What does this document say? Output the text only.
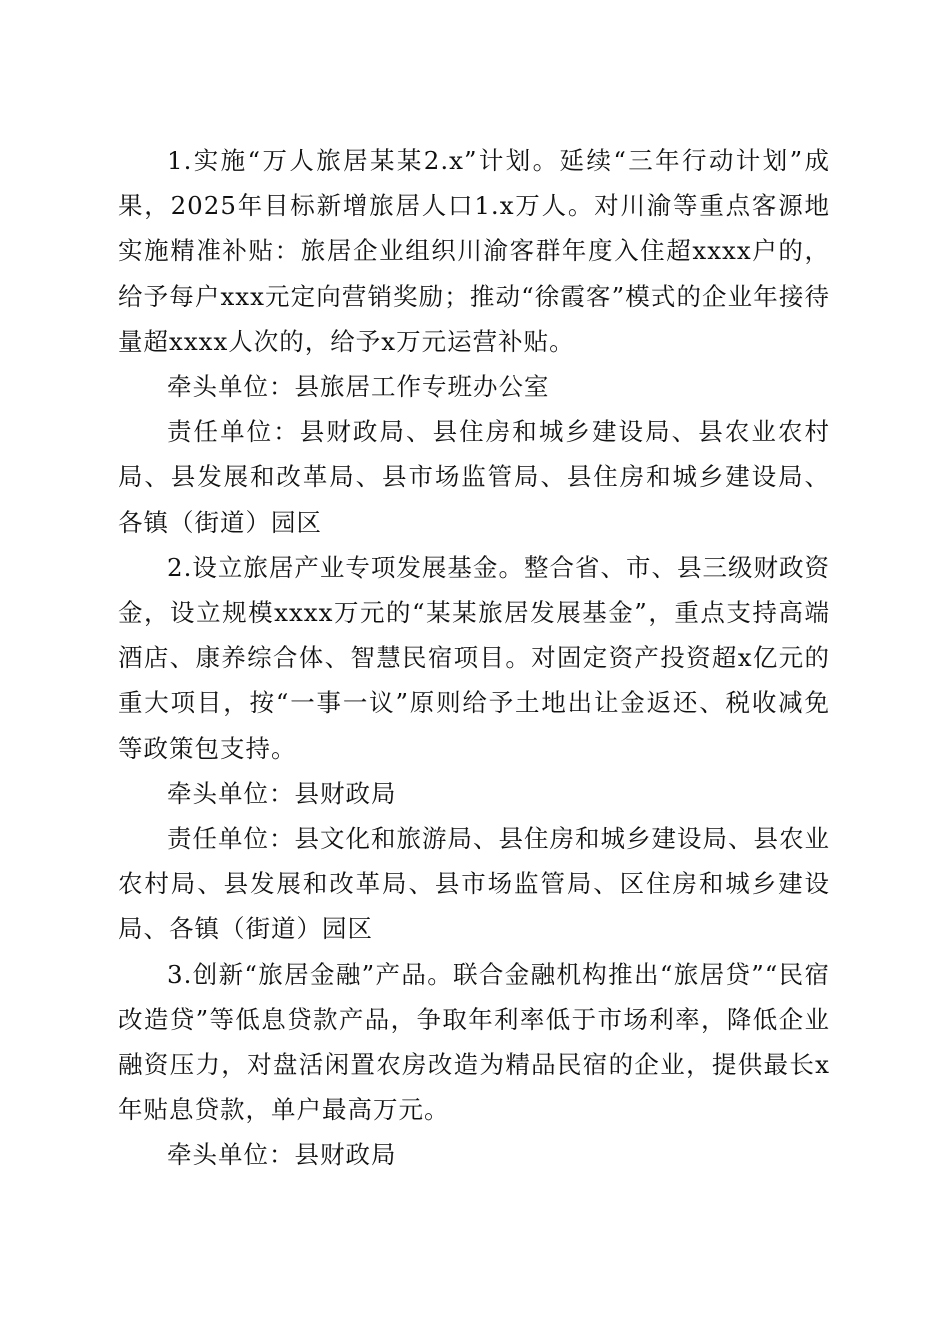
1.实施“万人旅居某某2.x”计划。延续“三年行动计划”成果，2025年目标新增旅居人口1.x万人。对川渝等重点客源地实施精准补贴：旅居企业组织川渝客群年度入住超xxxx户的，给予每户xxx元定向营销奖励；推动“徐霞客”模式的企业年接待量超xxxx人次的，给予x万元运营补贴。

牵头单位：县旅居工作专班办公室

责任单位：县财政局、县住房和城乡建设局、县农业农村局、县发展和改革局、县市场监管局、县住房和城乡建设局、各镇（街道）园区

2.设立旅居产业专项发展基金。整合省、市、县三级财政资金，设立规模xxxx万元的“某某旅居发展基金”，重点支持高端酒店、康养综合体、智慧民宿项目。对固定资产投资超x亿元的重大项目，按“一事一议”原则给予土地出让金返还、税收减免等政策包支持。

牵头单位：县财政局

责任单位：县文化和旅游局、县住房和城乡建设局、县农业农村局、县发展和改革局、县市场监管局、区住房和城乡建设局、各镇（街道）园区

3.创新“旅居金融”产品。联合金融机构推出“旅居贷”“民宿改造贷”等低息贷款产品，争取年利率低于市场利率，降低企业融资压力，对盘活闲置农房改造为精品民宿的企业，提供最长x年贴息贷款，单户最高万元。

牵头单位：县财政局
